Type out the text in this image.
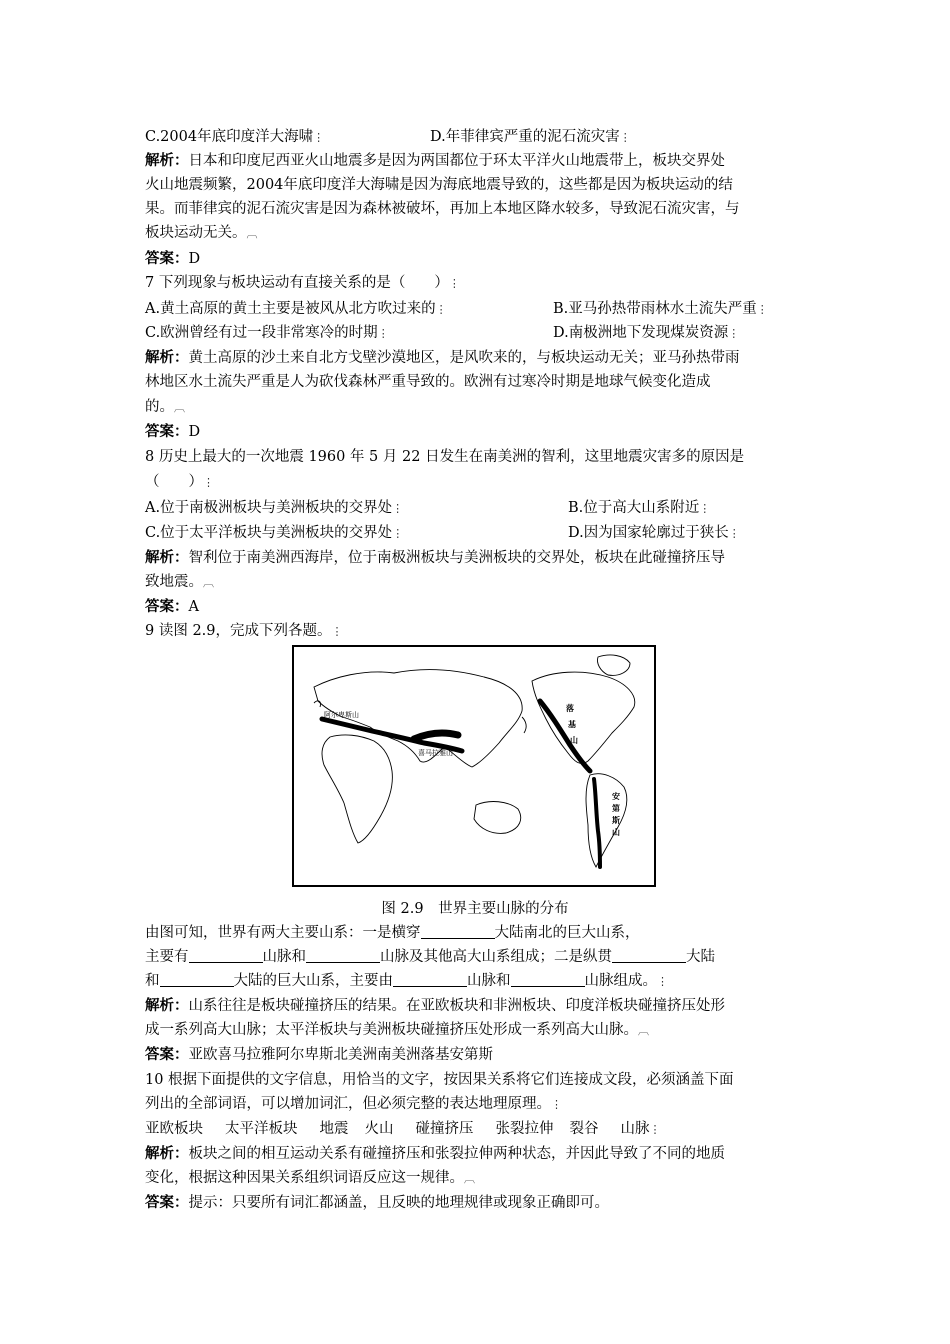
C.2004年底印度洋大海啸⋮	D.年菲律宾严重的泥石流灾害⋮
解析：日本和印度尼西亚火山地震多是因为两国都位于环太平洋火山地震带上，板块交界处
火山地震频繁，2004年底印度洋大海啸是因为海底地震导致的，这些都是因为板块运动的结
果。而菲律宾的泥石流灾害是因为森林被破坏，再加上本地区降水较多，导致泥石流灾害，与
板块运动无关。︹
答案：D
7 下列现象与板块运动有直接关系的是（　　）⋮
A.黄土高原的黄土主要是被风从北方吹过来的⋮	B.亚马孙热带雨林水土流失严重⋮
C.欧洲曾经有过一段非常寒冷的时期⋮	D.南极洲地下发现煤炭资源⋮
解析：黄土高原的沙土来自北方戈壁沙漠地区，是风吹来的，与板块运动无关；亚马孙热带雨
林地区水土流失严重是人为砍伐森林严重导致的。欧洲有过寒冷时期是地球气候变化造成
的。︹
答案：D
8 历史上最大的一次地震 1960 年 5 月 22 日发生在南美洲的智利，这里地震灾害多的原因是
（　　）⋮
A.位于南极洲板块与美洲板块的交界处⋮	B.位于高大山系附近⋮
C.位于太平洋板块与美洲板块的交界处⋮	D.因为国家轮廓过于狭长⋮
解析：智利位于南美洲西海岸，位于南极洲板块与美洲板块的交界处，板块在此碰撞挤压导
致地震。︹
答案：A
9 读图 2.9，完成下列各题。⋮
阿尔卑斯山
喜马拉雅山
落
基
山
安
第
斯
山
图 2.9　世界主要山脉的分布
由图可知，世界有两大主要山系：一是横穿	大陆南北的巨大山系，
主要有	山脉和	山脉及其他高大山系组成；二是纵贯	大陆
和	大陆的巨大山系，主要由	山脉和	山脉组成。⋮
解析：山系往往是板块碰撞挤压的结果。在亚欧板块和非洲板块、印度洋板块碰撞挤压处形
成一系列高大山脉；太平洋板块与美洲板块碰撞挤压处形成一系列高大山脉。︹
答案：亚欧喜马拉雅阿尔卑斯北美洲南美洲落基安第斯
10 根据下面提供的文字信息，用恰当的文字，按因果关系将它们连接成文段，必须涵盖下面
列出的全部词语，可以增加词汇，但必须完整的表达地理原理。⋮
亚欧板块 太平洋板块 地震 火山 碰撞挤压 张裂拉伸 裂谷 山脉⋮
解析：板块之间的相互运动关系有碰撞挤压和张裂拉伸两种状态，并因此导致了不同的地质
变化，根据这种因果关系组织词语反应这一规律。︹
答案：提示：只要所有词汇都涵盖，且反映的地理规律或现象正确即可。
